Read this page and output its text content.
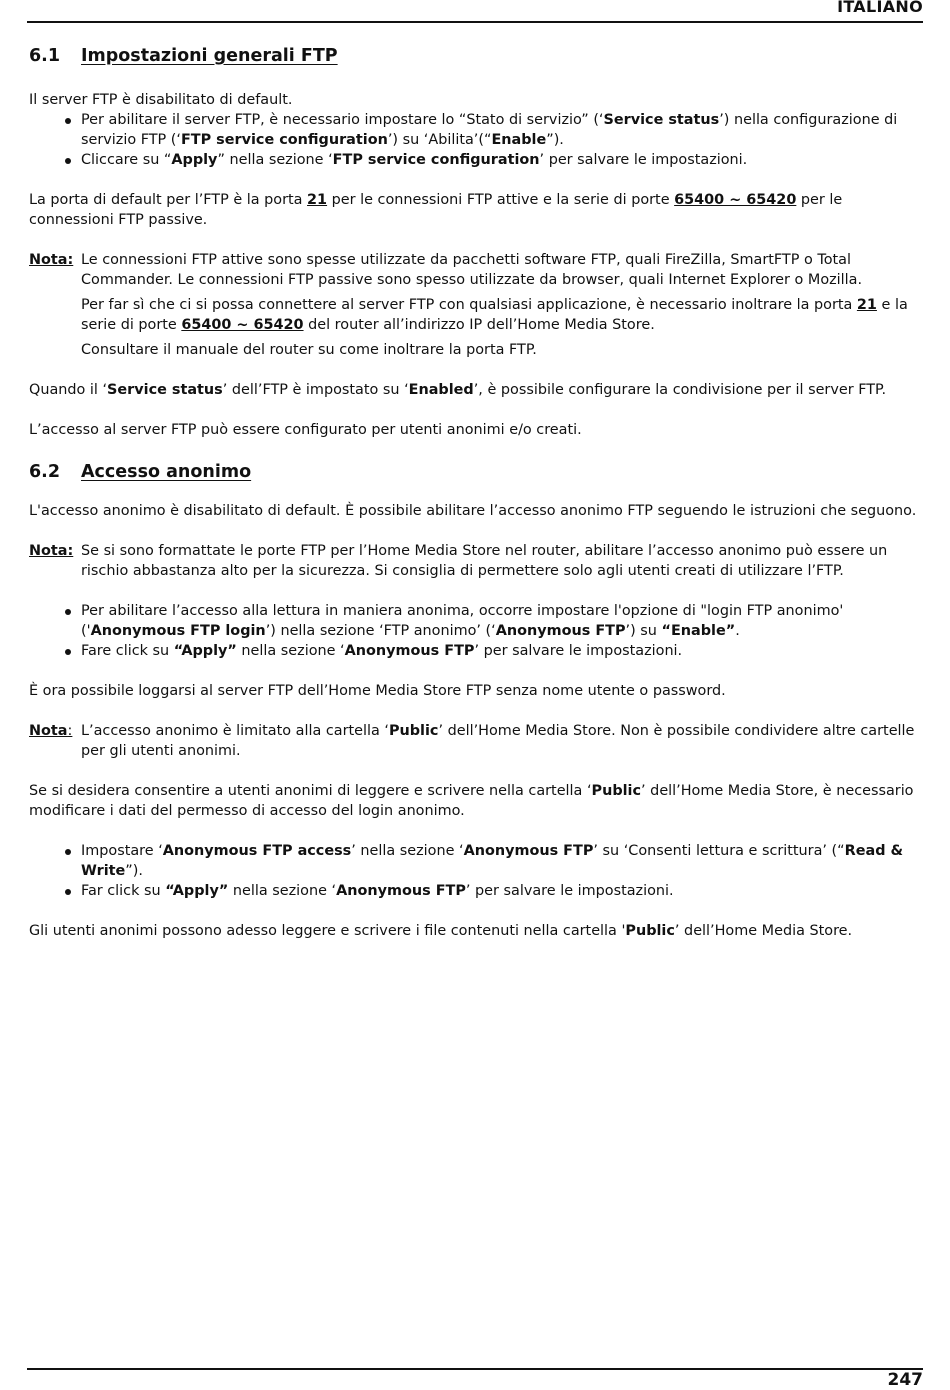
ITALIANO
6.1 Impostazioni generali FTP

Il server FTP è disabilitato di default.

Per abilitare il server FTP, è necessario impostare lo “Stato di servizio” (‘Service status’) nella configurazione di servizio FTP (‘FTP service configuration’) su ‘Abilita’(“Enable”).
Cliccare su “Apply” nella sezione ‘FTP service configuration’ per salvare le impostazioni.

La porta di default per l’FTP è la porta 21 per le connessioni FTP attive e la serie di porte 65400 ~ 65420 per le connessioni FTP passive.

Nota: Le connessioni FTP attive sono spesse utilizzate da pacchetti software FTP, quali FireZilla, SmartFTP o Total Commander. Le connessioni FTP passive sono spesso utilizzate da browser, quali Internet Explorer o Mozilla.

Per far sì che ci si possa connettere al server FTP con qualsiasi applicazione, è necessario inoltrare la porta 21 e la serie di porte 65400 ~ 65420 del router all’indirizzo IP dell’Home Media Store.

Consultare il manuale del router su come inoltrare la porta FTP.

Quando il ‘Service status’ dell’FTP è impostato su ‘Enabled’, è possibile configurare la condivisione per il server FTP.

L’accesso al server FTP può essere configurato per utenti anonimi e/o creati.

6.2 Accesso anonimo

L'accesso anonimo è disabilitato di default. È possibile abilitare l’accesso anonimo FTP seguendo le istruzioni che seguono.

Nota: Se si sono formattate le porte FTP per l’Home Media Store nel router, abilitare l’accesso anonimo può essere un rischio abbastanza alto per la sicurezza. Si consiglia di permettere solo agli utenti creati di utilizzare l’FTP.

Per abilitare l’accesso alla lettura in maniera anonima, occorre impostare l'opzione di "login FTP anonimo' ('Anonymous FTP login’) nella sezione ‘FTP anonimo’ (‘Anonymous FTP’) su “Enable”.
Fare click su “Apply” nella sezione ‘Anonymous FTP’ per salvare le impostazioni.

È ora possibile loggarsi al server FTP dell’Home Media Store FTP senza nome utente o password.

Nota: L’accesso anonimo è limitato alla cartella ‘Public’ dell’Home Media Store. Non è possibile condividere altre cartelle per gli utenti anonimi.

Se si desidera consentire a utenti anonimi di leggere e scrivere nella cartella ‘Public’ dell’Home Media Store, è necessario modificare i dati del permesso di accesso del login anonimo.

Impostare ‘Anonymous FTP access’ nella sezione ‘Anonymous FTP’ su ‘Consenti lettura e scrittura’ (“Read & Write”).
Far click su “Apply” nella sezione ‘Anonymous FTP’ per salvare le impostazioni.

Gli utenti anonimi possono adesso leggere e scrivere i file contenuti nella cartella 'Public’ dell’Home Media Store.

247
